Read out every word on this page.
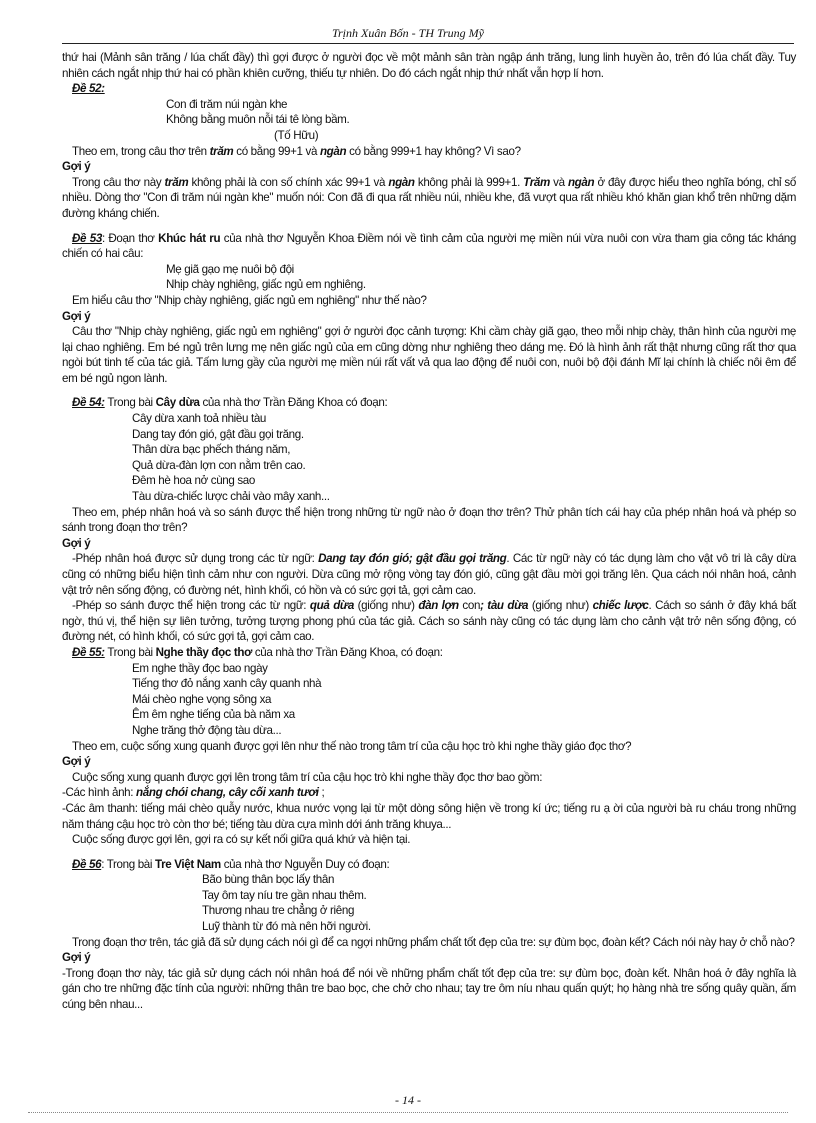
Trịnh Xuân Bốn - TH Trung Mỹ

thứ hai (Mảnh sân trăng / lúa chất đầy) thì gợi được ở người đọc về một mảnh sân tràn ngập ánh trăng, lung linh huyền ảo, trên đó lúa chất đầy. Tuy nhiên cách ngắt nhịp thứ hai có phần khiên cưỡng, thiếu tự nhiên. Do đó cách ngắt nhịp thứ nhất vẫn hợp lí hơn.

Đề 52:

Con đi trăm núi ngàn khe

Không bằng muôn nỗi tái tê lòng bầm.

(Tố Hữu)

Theo em, trong câu thơ trên trăm có bằng 99+1 và ngàn có bằng 999+1 hay không? Vì sao?

Gợi ý

Trong câu thơ này trăm không phải là con số chính xác 99+1 và ngàn không phải là 999+1. Trăm và ngàn ở đây được hiểu theo nghĩa bóng, chỉ số nhiều. Dòng thơ "Con đi trăm núi ngàn khe" muốn nói: Con đã đi qua rất nhiều núi, nhiều khe, đã vượt qua rất nhiều khó khăn gian khổ trên những dặm đường kháng chiến.

Đề 53: Đoạn thơ Khúc hát ru của nhà thơ Nguyễn Khoa Điềm nói về tình cảm của người mẹ miền núi vừa nuôi con vừa tham gia công tác kháng chiến có hai câu:

Mẹ giã gạo mẹ nuôi bộ đội

Nhịp chày nghiêng, giấc ngủ em nghiêng.

Em hiểu câu thơ "Nhịp chày nghiêng, giấc ngủ em nghiêng" như thế nào?

Gợi ý

Câu thơ "Nhịp chày nghiêng, giấc ngủ em nghiêng" gợi ở người đọc cảnh tượng: Khi cầm chày giã gạo, theo mỗi nhịp chày, thân hình của người mẹ lại chao nghiêng. Em bé ngủ trên lưng mẹ nên giấc ngủ của em cũng dờng như nghiêng theo dáng mẹ. Đó là hình ảnh rất thật nhưng cũng rất thơ qua ngòi bút tinh tế của tác giả. Tấm lưng gầy của người mẹ miền núi rất vất vả qua lao động để nuôi con, nuôi bộ đội đánh Mĩ lại chính là chiếc nôi êm để em bé ngủ ngon lành.

Đề 54: Trong bài Cây dừa của nhà thơ Trần Đăng Khoa có đoạn:

Cây dừa xanh toả nhiều tàu

Dang tay đón gió, gật đầu gọi trăng.

Thân dừa bạc phếch tháng năm,

Quả dừa-đàn lợn con nằm trên cao.

Đêm hè hoa nở cùng sao

Tàu dừa-chiếc lược chải vào mây xanh...

Theo em, phép nhân hoá và so sánh được thể hiện trong những từ ngữ nào ở đoạn thơ trên? Thử phân tích cái hay của phép nhân hoá và phép so sánh trong đoạn thơ trên?

Gợi ý

-Phép nhân hoá được sử dụng trong các từ ngữ: Dang tay đón gió; gật đầu gọi trăng. Các từ ngữ này có tác dụng làm cho vật vô tri là cây dừa cũng có những biểu hiện tình cảm như con người. Dừa cũng mở rộng vòng tay đón gió, cũng gật đầu mời gọi trăng lên. Qua cách nói nhân hoá, cảnh vật trở nên sống động, có đường nét, hình khối, có hồn và có sức gợi tả, gợi cảm cao.

-Phép so sánh được thể hiện trong các từ ngữ: quả dừa (giống như) đàn lợn con; tàu dừa (giống như) chiếc lược. Cách so sánh ở đây khá bất ngờ, thú vị, thể hiện sự liên tưởng, tưởng tượng phong phú của tác giả. Cách so sánh này cũng có tác dụng làm cho cảnh vật trở nên sống động, có đường nét, có hình khối, có sức gợi tả, gợi cảm cao.

Đề 55: Trong bài Nghe thầy đọc thơ của nhà thơ Trần Đăng Khoa, có đoạn:

Em nghe thầy đọc bao ngày

Tiếng thơ đỏ nắng xanh cây quanh nhà

Mái chèo nghe vọng sông xa

Êm êm nghe tiếng của bà năm xa

Nghe trăng thở động tàu dừa...

Theo em, cuộc sống xung quanh được gợi lên như thế nào trong tâm trí của cậu học trò khi nghe thầy giáo đọc thơ?

Gợi ý

Cuộc sống xung quanh được gợi lên trong tâm trí của cậu học trò khi nghe thầy đọc thơ bao gồm:

-Các hình ảnh: nắng chói chang, cây cối xanh tươi ;

-Các âm thanh: tiếng mái chèo quẫy nước, khua nước vọng lại từ một dòng sông hiện về trong kí ức; tiếng ru ạ ời của người bà ru cháu trong những năm tháng cậu học trò còn thơ bé; tiếng tàu dừa cựa mình dới ánh trăng khuya...

Cuộc sống được gợi lên, gợi ra có sự kết nối giữa quá khứ và hiện tại.

Đề 56: Trong bài Tre Việt Nam của nhà thơ Nguyễn Duy có đoạn:

Bão bùng thân bọc lấy thân

Tay ôm tay níu tre gần nhau thêm.

Thương nhau tre chẳng ở riêng

Luỹ thành từ đó mà nên hỡi người.

Trong đoạn thơ trên, tác giả đã sử dụng cách nói gì để ca ngợi những phẩm chất tốt đẹp của tre: sự đùm bọc, đoàn kết? Cách nói này hay ở chỗ nào?

Gợi ý

-Trong đoạn thơ này, tác giả sử dụng cách nói nhân hoá để nói về những phẩm chất tốt đẹp của tre: sự đùm bọc, đoàn kết. Nhân hoá ở đây nghĩa là gán cho tre những đặc tính của người: những thân tre bao bọc, che chở cho nhau; tay tre ôm níu nhau quấn quýt; họ hàng nhà tre sống quây quần, ấm cúng bên nhau...

- 14 -
